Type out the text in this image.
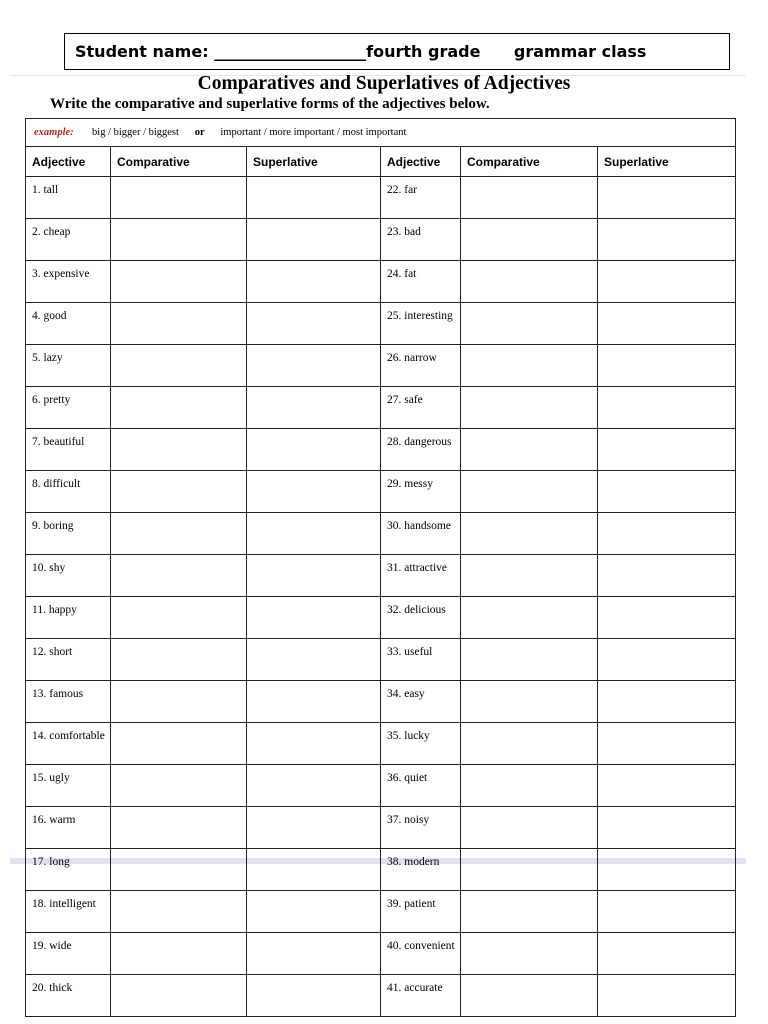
Student name: ___________________fourth grade      grammar class
Comparatives and Superlatives of Adjectives
Write the comparative and superlative forms of the adjectives below.
example: big / bigger / biggest or important / more important / most important					
Adjective	Comparative	Superlative	Adjective	Comparative	Superlative
1. tall			22. far		
2. cheap			23. bad		
3. expensive			24. fat		
4. good			25. interesting		
5. lazy			26. narrow		
6. pretty			27. safe		
7. beautiful			28. dangerous		
8. difficult			29. messy		
9. boring			30. handsome		
10. shy			31. attractive		
11. happy			32. delicious		
12. short			33. useful		
13. famous			34. easy		
14. comfortable			35. lucky		
15. ugly			36. quiet		
16. warm			37. noisy		
17. long			38. modern		
18. intelligent			39. patient		
19. wide			40. convenient		
20. thick			41. accurate		
